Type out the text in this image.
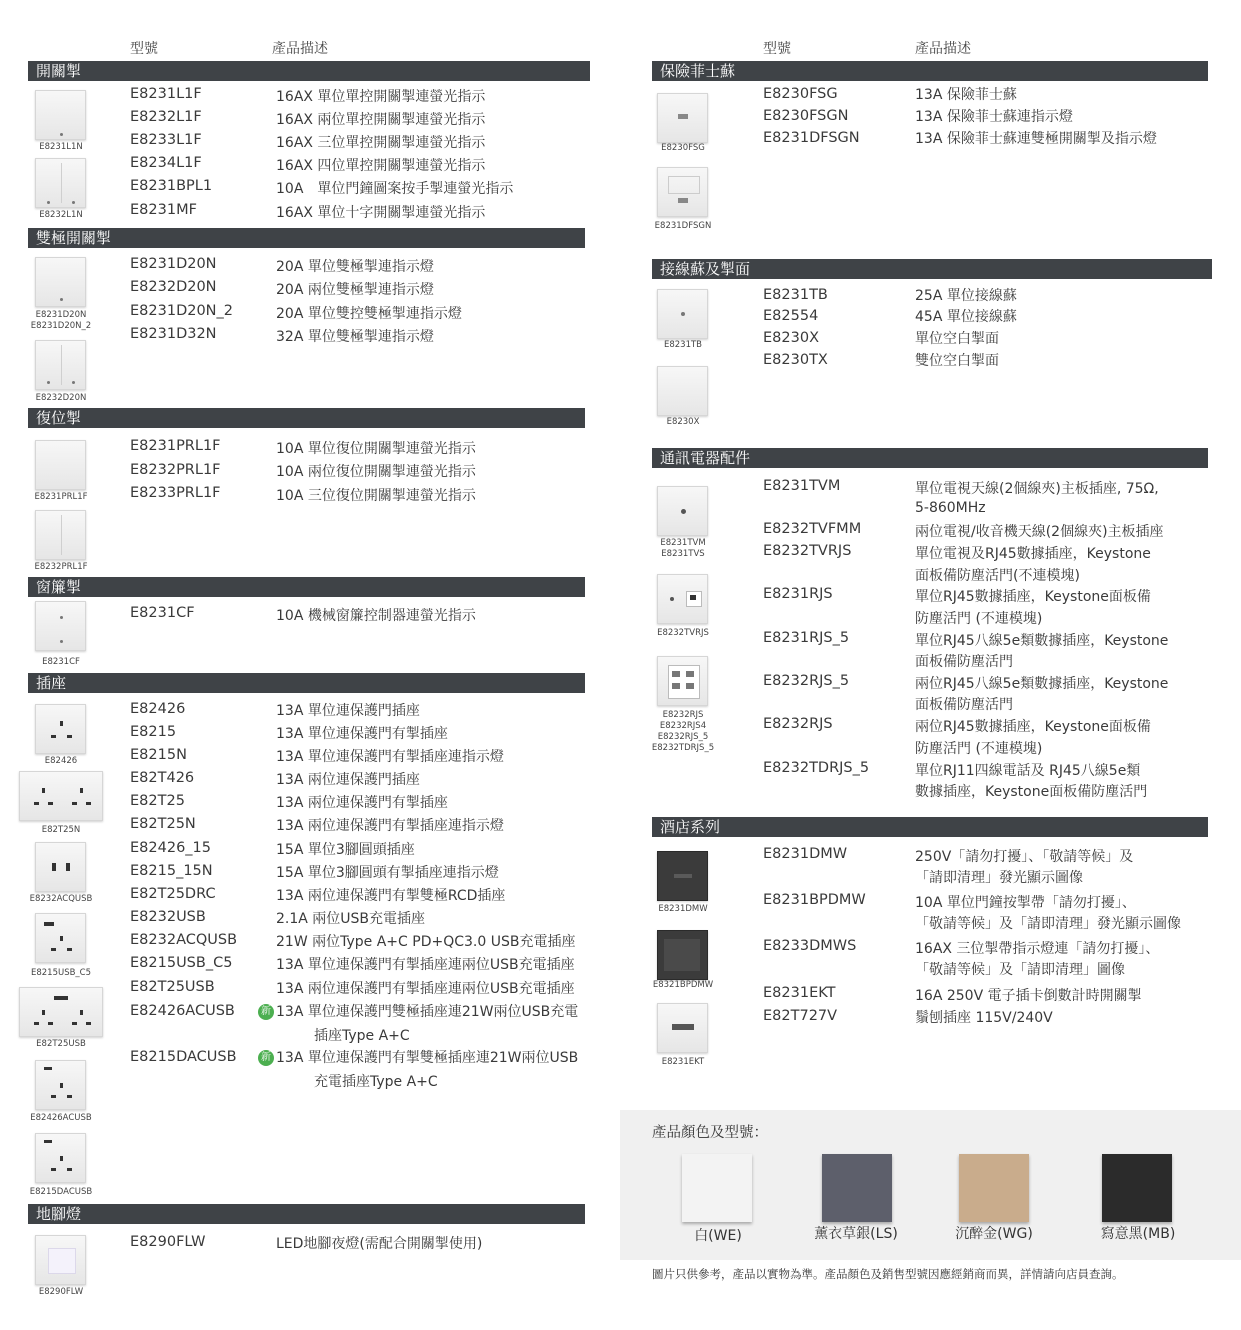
型號	產品描述
開關掣
E8231L1F	16AX 單位單控開關掣連螢光指示
E8232L1F	16AX 兩位單控開關掣連螢光指示
E8233L1F	16AX 三位單控開關掣連螢光指示
E8234L1F	16AX 四位單控開關掣連螢光指示
E8231BPL1	10A　單位門鐘圖案按手掣連螢光指示
E8231MF	16AX 單位十字開關掣連螢光指示
E8231L1N
E8232L1N
雙極開關掣
E8231D20N	20A 單位雙極掣連指示燈
E8232D20N	20A 兩位雙極掣連指示燈
E8231D20N_2	20A 單位雙控雙極掣連指示燈
E8231D32N	32A 單位雙極掣連指示燈
E8231D20N
E8231D20N_2
E8232D20N
復位掣
E8231PRL1F	10A 單位復位開關掣連螢光指示
E8232PRL1F	10A 兩位復位開關掣連螢光指示
E8233PRL1F	10A 三位復位開關掣連螢光指示
E8231PRL1F
E8232PRL1F
窗簾掣
E8231CF	10A 機械窗簾控制器連螢光指示
E8231CF
插座
E82426	13A 單位連保護門插座
E8215	13A 單位連保護門有掣插座
E8215N	13A 單位連保護門有掣插座連指示燈
E82T426	13A 兩位連保護門插座
E82T25	13A 兩位連保護門有掣插座
E82T25N	13A 兩位連保護門有掣插座連指示燈
E82426_15	15A 單位3腳圓頭插座
E8215_15N	15A 單位3腳圓頭有掣插座連指示燈
E82T25DRC	13A 兩位連保護門有掣雙極RCD插座
E8232USB	2.1A 兩位USB充電插座
E8232ACQUSB	21W 兩位Type A+C PD+QC3.0 USB充電插座
E8215USB_C5	13A 單位連保護門有掣插座連兩位USB充電插座
E82T25USB	13A 兩位連保護門有掣插座連兩位USB充電插座
E82426ACUSB	新 13A 單位連保護門雙極插座連21W兩位USB充電
插座Type A+C
E8215DACUSB	新 13A 單位連保護門有掣雙極插座連21W兩位USB
充電插座Type A+C
E82426
E82T25N
E8232ACQUSB
E8215USB_C5
E82T25USB
E82426ACUSB
E8215DACUSB
地腳燈
E8290FLW	LED地腳夜燈(需配合開關掣使用)
E8290FLW
型號	產品描述
保險菲士蘇
E8230FSG	13A 保險菲士蘇
E8230FSGN	13A 保險菲士蘇連指示燈
E8231DFSGN	13A 保險菲士蘇連雙極開關掣及指示燈
E8230FSG
E8231DFSGN
接線蘇及掣面
E8231TB	25A 單位接線蘇
E82554	45A 單位接線蘇
E8230X	單位空白掣面
E8230TX	雙位空白掣面
E8231TB
E8230X
通訊電器配件
E8231TVM	單位電視天線(2個線夾)主板插座, 75Ω,
5-860MHz
E8232TVFMM	兩位電視/收音機天線(2個線夾)主板插座
E8232TVRJS	單位電視及RJ45數據插座，Keystone
面板備防塵活門(不連模塊)
E8231RJS	單位RJ45數據插座，Keystone面板備
防塵活門 (不連模塊)
E8231RJS_5	單位RJ45八線5e類數據插座，Keystone
面板備防塵活門
E8232RJS_5	兩位RJ45八線5e類數據插座，Keystone
面板備防塵活門
E8232RJS	兩位RJ45數據插座，Keystone面板備
防塵活門 (不連模塊)
E8232TDRJS_5	單位RJ11四線電話及 RJ45八線5e類
數據插座，Keystone面板備防塵活門
E8231TVM
E8231TVS
E8232TVRJS
E8232RJS
E8232RJS4
E8232RJS_5
E8232TDRJS_5
酒店系列
E8231DMW	250V「請勿打擾」、「敬請等候」及
「請即清理」發光顯示圖像
E8231BPDMW	10A 單位門鐘按掣帶「請勿打擾」、
「敬請等候」及「請即清理」發光顯示圖像
E8233DMWS	16AX 三位掣帶指示燈連「請勿打擾」、
「敬請等候」及「請即清理」圖像
E8231EKT	16A 250V 電子插卡倒數計時開關掣
E82T727V	鬚刨插座 115V/240V
E8231DMW
E8321BPDMW
E8231EKT
產品顏色及型號：
白(WE)	薰衣草銀(LS)	沉醉金(WG)	寫意黑(MB)
圖片只供參考，產品以實物為準。產品顏色及銷售型號因應經銷商而異，詳情請向店員查詢。
